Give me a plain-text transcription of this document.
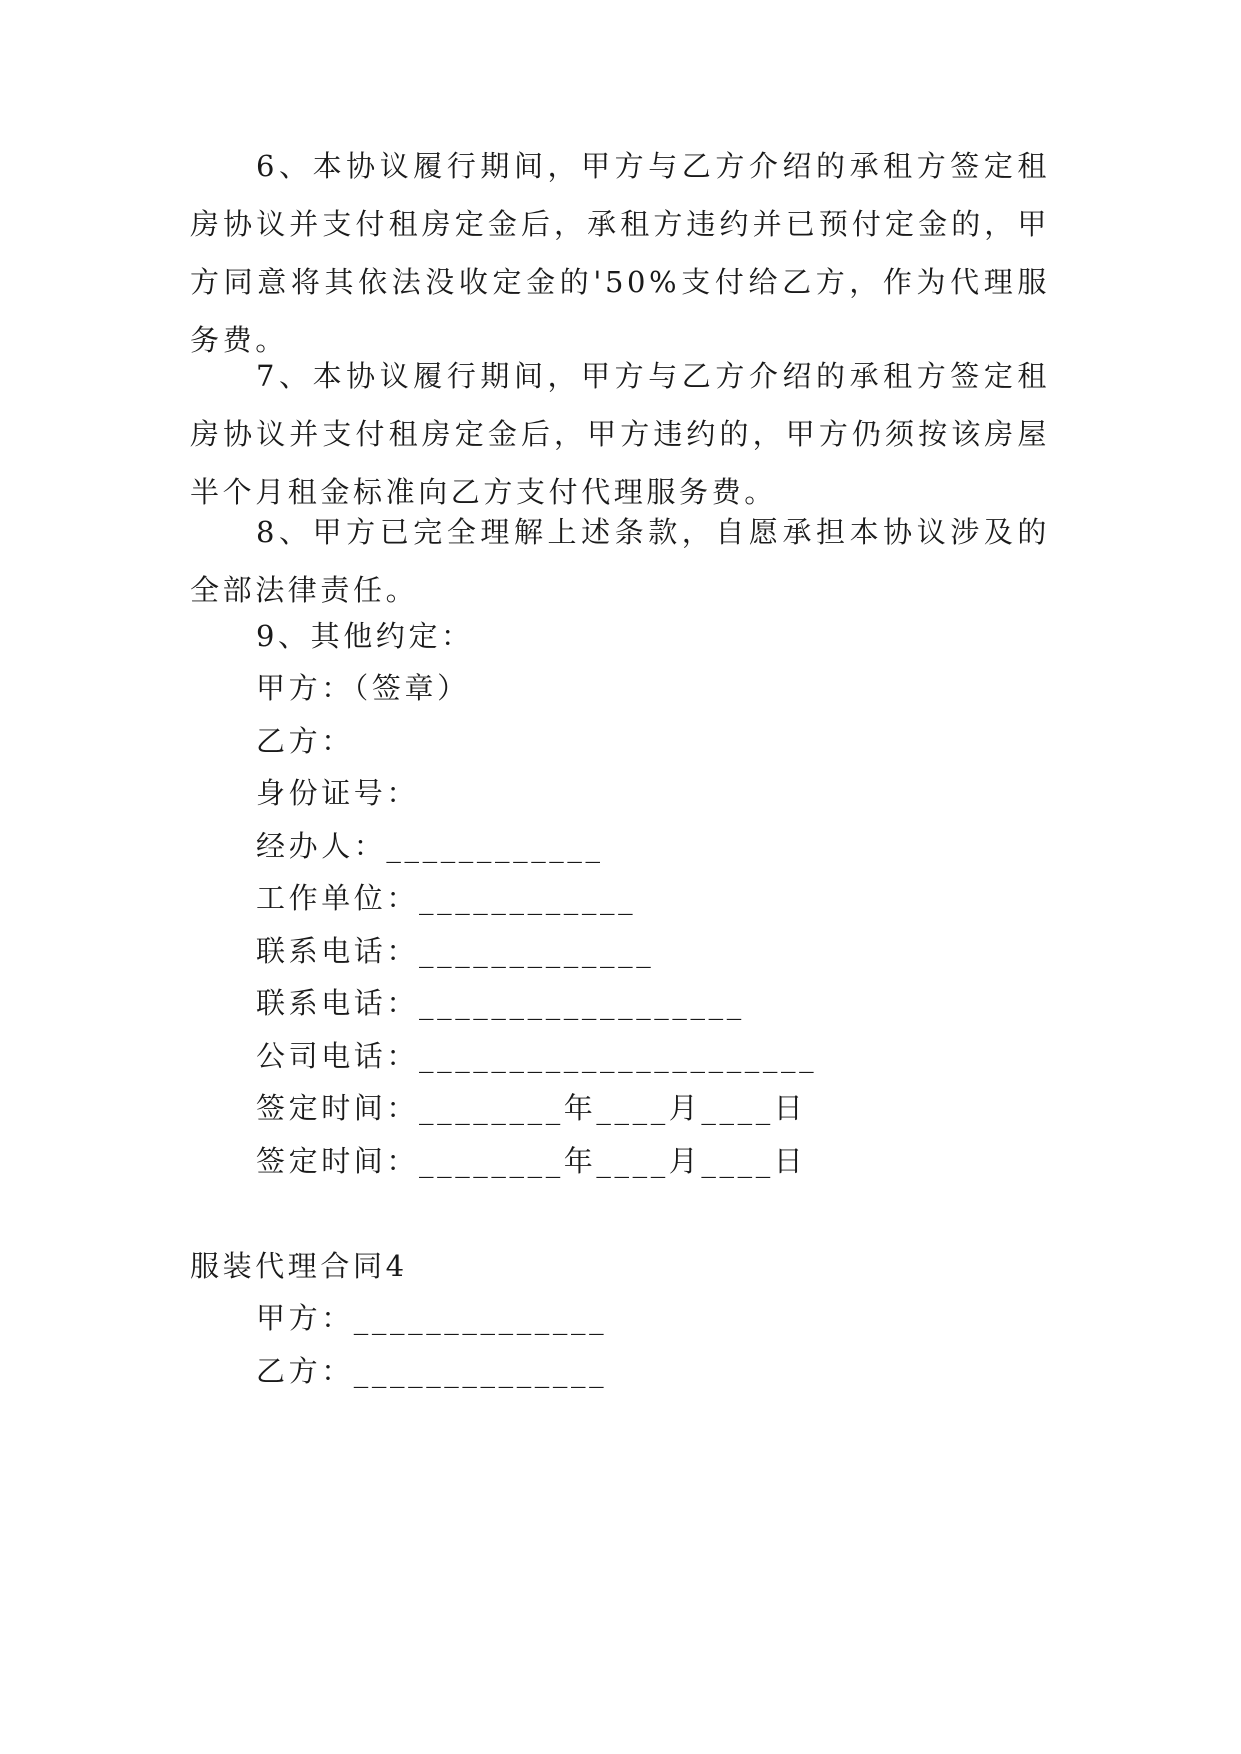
6、本协议履行期间，甲方与乙方介绍的承租方签定租房协议并支付租房定金后，承租方违约并已预付定金的，甲方同意将其依法没收定金的'50%支付给乙方，作为代理服务费。

7、本协议履行期间，甲方与乙方介绍的承租方签定租房协议并支付租房定金后，甲方违约的，甲方仍须按该房屋半个月租金标准向乙方支付代理服务费。

8、甲方已完全理解上述条款，自愿承担本协议涉及的全部法律责任。

9、其他约定：

甲方：（签章）

乙方：

身份证号：

经办人：____________

工作单位：____________

联系电话：_____________

联系电话：__________________

公司电话：______________________

签定时间：________年____月____日

签定时间：________年____月____日

服装代理合同4

甲方：______________

乙方：______________
